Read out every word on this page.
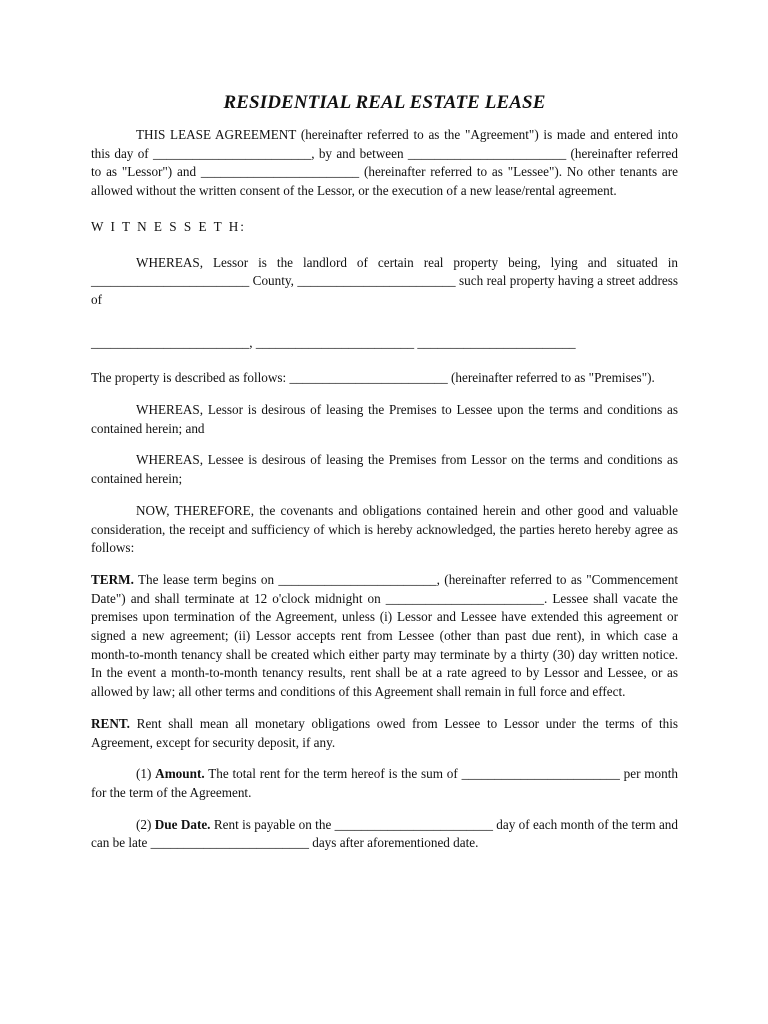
RESIDENTIAL REAL ESTATE LEASE

THIS LEASE AGREEMENT (hereinafter referred to as the "Agreement") is made and entered into this day of ________________________, by and between ________________________ (hereinafter referred to as "Lessor") and ________________________ (hereinafter referred to as "Lessee"). No other tenants are allowed without the written consent of the Lessor, or the execution of a new lease/rental agreement.

W I T N E S S E T H:

WHEREAS, Lessor is the landlord of certain real property being, lying and situated in ________________________ County, ________________________ such real property having a street address of

________________________, ________________________ ________________________

The property is described as follows: ________________________ (hereinafter referred to as "Premises").

WHEREAS, Lessor is desirous of leasing the Premises to Lessee upon the terms and conditions as contained herein; and

WHEREAS, Lessee is desirous of leasing the Premises from Lessor on the terms and conditions as contained herein;

NOW, THEREFORE, the covenants and obligations contained herein and other good and valuable consideration, the receipt and sufficiency of which is hereby acknowledged, the parties hereto hereby agree as follows:

TERM. The lease term begins on ________________________, (hereinafter referred to as "Commencement Date") and shall terminate at 12 o'clock midnight on ________________________. Lessee shall vacate the premises upon termination of the Agreement, unless (i) Lessor and Lessee have extended this agreement or signed a new agreement; (ii) Lessor accepts rent from Lessee (other than past due rent), in which case a month-to-month tenancy shall be created which either party may terminate by a thirty (30) day written notice. In the event a month-to-month tenancy results, rent shall be at a rate agreed to by Lessor and Lessee, or as allowed by law; all other terms and conditions of this Agreement shall remain in full force and effect.

RENT. Rent shall mean all monetary obligations owed from Lessee to Lessor under the terms of this Agreement, except for security deposit, if any.

(1) Amount. The total rent for the term hereof is the sum of ________________________ per month for the term of the Agreement.

(2) Due Date. Rent is payable on the ________________________ day of each month of the term and can be late ________________________ days after aforementioned date.
